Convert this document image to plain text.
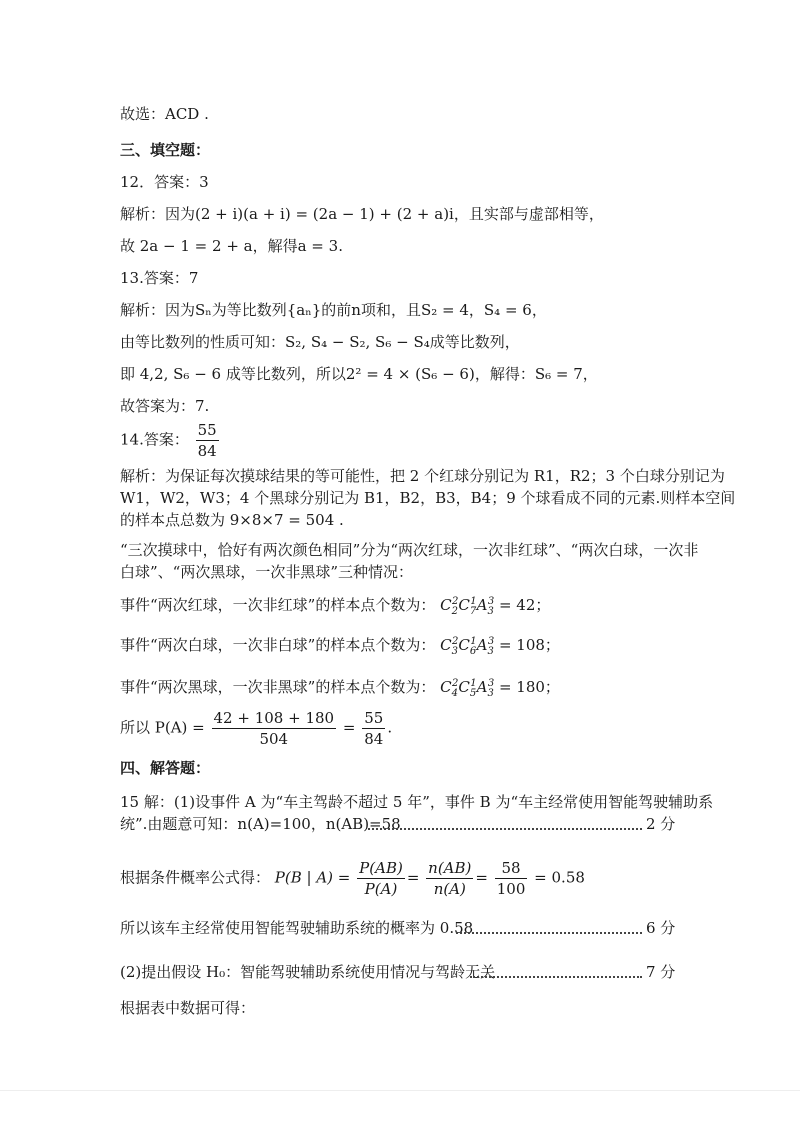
故选：ACD .
三、填空题：
12．答案：3
解析：因为(2 + i)(a + i) = (2a − 1) + (2 + a)i，且实部与虚部相等，
故 2a − 1 = 2 + a，解得a = 3.
13.答案：7
解析：因为Sₙ为等比数列{aₙ}的前n项和，且S₂ = 4，S₄ = 6，
由等比数列的性质可知：S₂, S₄ − S₂, S₆ − S₄成等比数列，
即 4,2, S₆ − 6 成等比数列，所以2² = 4 × (S₆ − 6)，解得：S₆ = 7，
故答案为：7.
14.答案： $\frac{55}{84}$
解析：为保证每次摸球结果的等可能性，把 2 个红球分别记为 R1，R2；3 个白球分别记为
W1，W2，W3；4 个黑球分别记为 B1，B2，B3，B4；9 个球看成不同的元素.则样本空间
的样本点总数为 9×8×7 = 504 .
“三次摸球中，恰好有两次颜色相同”分为“两次红球，一次非红球”、“两次白球，一次非
白球”、“两次黑球，一次非黑球”三种情况：
事件“两次红球，一次非红球”的样本点个数为： $C_2^2C_7^1A_3^3 = 42$；
事件“两次白球，一次非白球”的样本点个数为： $C_3^2C_6^1A_3^3 = 108$；
事件“两次黑球，一次非黑球”的样本点个数为： $C_4^2C_5^1A_3^3 = 180$；
所以 $P(A) = \frac{42 + 108 + 180}{504} = \frac{55}{84}$ .
四、解答题：
15 解：(1)设事件 A 为“车主驾龄不超过 5 年”，事件 B 为“车主经常使用智能驾驶辅助系
统”.由题意可知：n(A)=100，n(AB)=58	2 分
根据条件概率公式得： P(B | $A) = \frac{P(AB)}{P(A)} = \frac{n(AB)}{n(A)} = \frac{58}{100} = 0.58$
所以该车主经常使用智能驾驶辅助系统的概率为 0.58	6 分
(2)提出假设 H₀：智能驾驶辅助系统使用情况与驾龄无关	7 分
根据表中数据可得：
